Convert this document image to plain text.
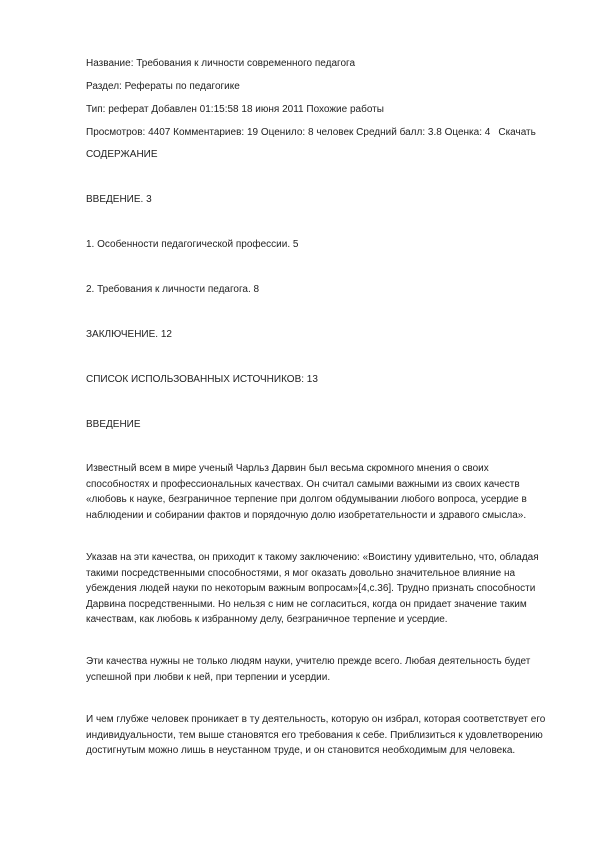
Название: Требования к личности современного педагога

Раздел: Рефераты по педагогике

Тип: реферат Добавлен 01:15:58 18 июня 2011 Похожие работы

Просмотров: 4407 Комментариев: 19 Оценило: 8 человек Средний балл: 3.8 Оценка: 4 Скачать

СОДЕРЖАНИЕ

ВВЕДЕНИЕ. 3

1. Особенности педагогической профессии. 5

2. Требования к личности педагога. 8

ЗАКЛЮЧЕНИЕ. 12

СПИСОК ИСПОЛЬЗОВАННЫХ ИСТОЧНИКОВ: 13

ВВЕДЕНИЕ

Известный всем в мире ученый Чарльз Дарвин был весьма скромного мнения о своих
способностях и профессиональных качествах. Он считал самыми важными из своих качеств
«любовь к науке, безграничное терпение при долгом обдумывании любого вопроса, усердие в
наблюдении и собирании фактов и порядочную долю изобретательности и здравого смысла».
Указав на эти качества, он приходит к такому заключению: «Воистину удивительно, что, обладая
такими посредственными способностями, я мог оказать довольно значительное влияние на
убеждения людей науки по некоторым важным вопросам»[4,с.36]. Трудно признать способности
Дарвина посредственными. Но нельзя с ним не согласиться, когда он придает значение таким
качествам, как любовь к избранному делу, безграничное терпение и усердие.
Эти качества нужны не только людям науки, учителю прежде всего. Любая деятельность будет
успешной при любви к ней, при терпении и усердии.
И чем глубже человек проникает в ту деятельность, которую он избрал, которая соответствует его
индивидуальности, тем выше становятся его требования к себе. Приблизиться к удовлетворению
достигнутым можно лишь в неустанном труде, и он становится необходимым для человека.
